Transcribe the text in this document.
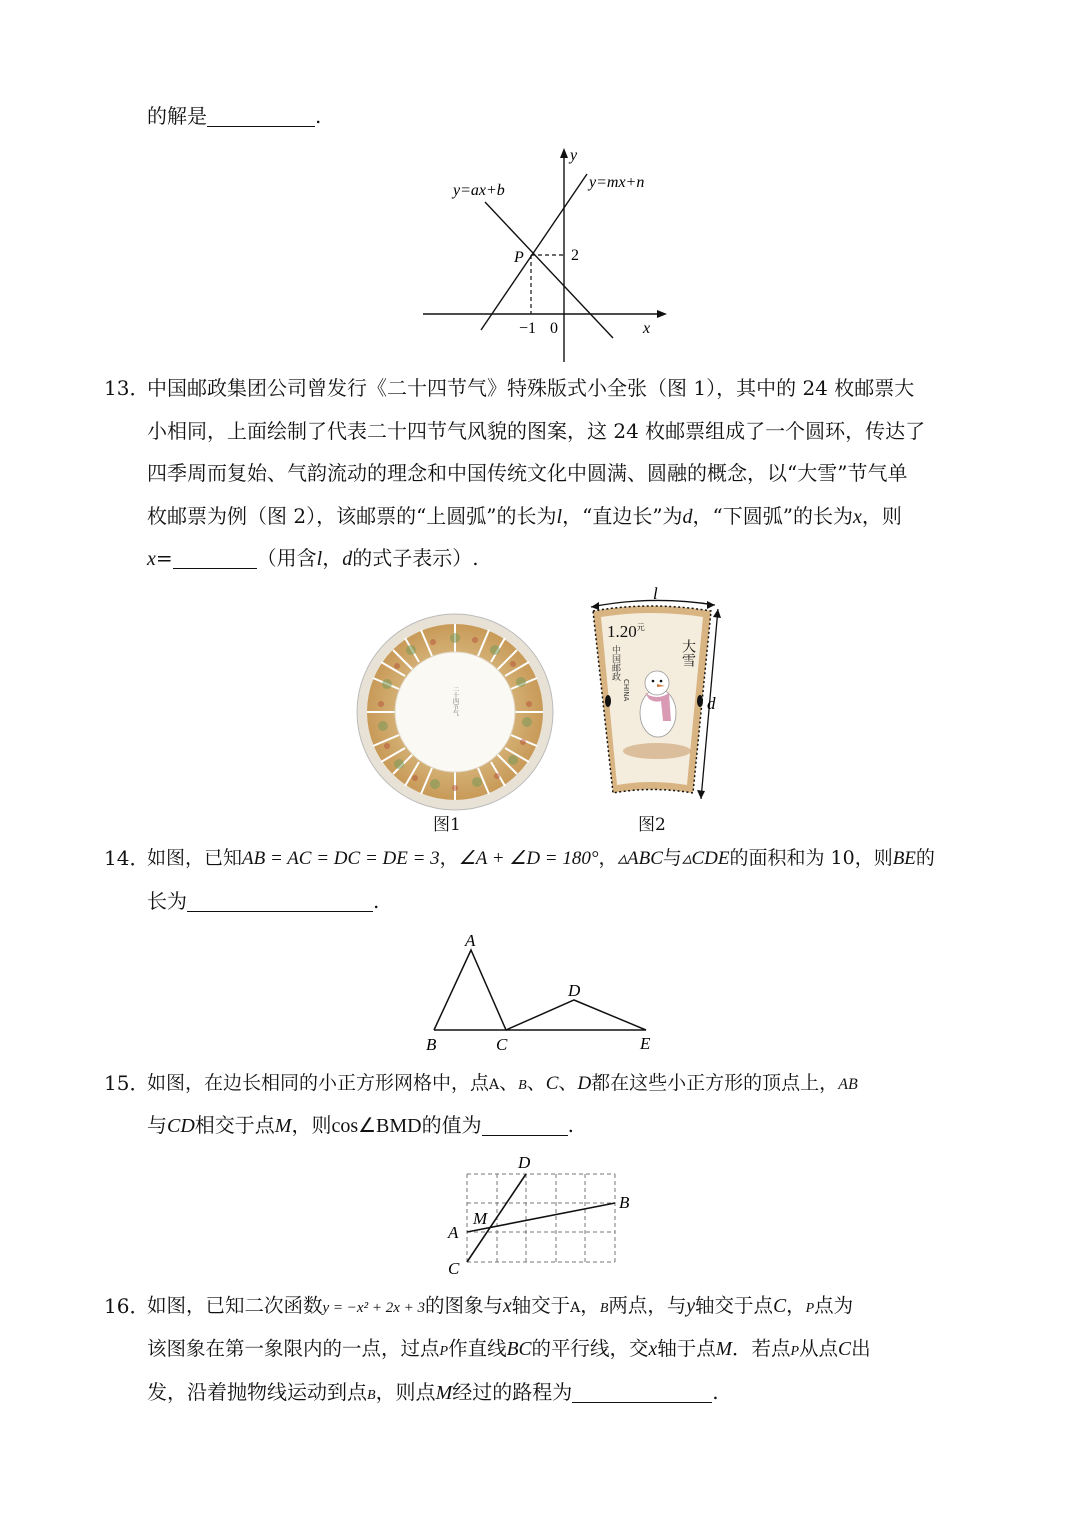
的解是	.
y=ax+b	y=mx+n
y
x
P	2
−1 0
13．
中国邮政集团公司曾发行《二十四节气》特殊版式小全张（图 1），其中的 24 枚邮票大
小相同，上面绘制了代表二十四节气风貌的图案，这 24 枚邮票组成了一个圆环，传达了
四季周而复始、气韵流动的理念和中国传统文化中圆满、圆融的概念，以“大雪”节气单
枚邮票为例（图 2），该邮票的“上圆弧”的长为l，“直边长”为d，“下圆弧”的长为x，则
x=	（用含l，d的式子表示）.
二十四节气
图1
l
d
$1.20^元$
大雪
中国邮政
CHINA
图2
14．
如图，已知AB = AC = DC = DE = 3，∠A + ∠D = 180°，▵ABC与▵CDE的面积和为 10，则BE的
长为	.
A
B	C
D
E
15．
如图，在边长相同的小正方形网格中，点A、B、C、D都在这些小正方形的顶点上，AB
与CD相交于点M，则cos∠BMD的值为	.
D
B
M
A
C
16．
如图，已知二次函数y = −x² + 2x + 3的图象与x轴交于A，B两点，与y轴交于点C，P点为
该图象在第一象限内的一点，过点P作直线BC的平行线，交x轴于点M．若点P从点C出
发，沿着抛物线运动到点B，则点M经过的路程为	.
